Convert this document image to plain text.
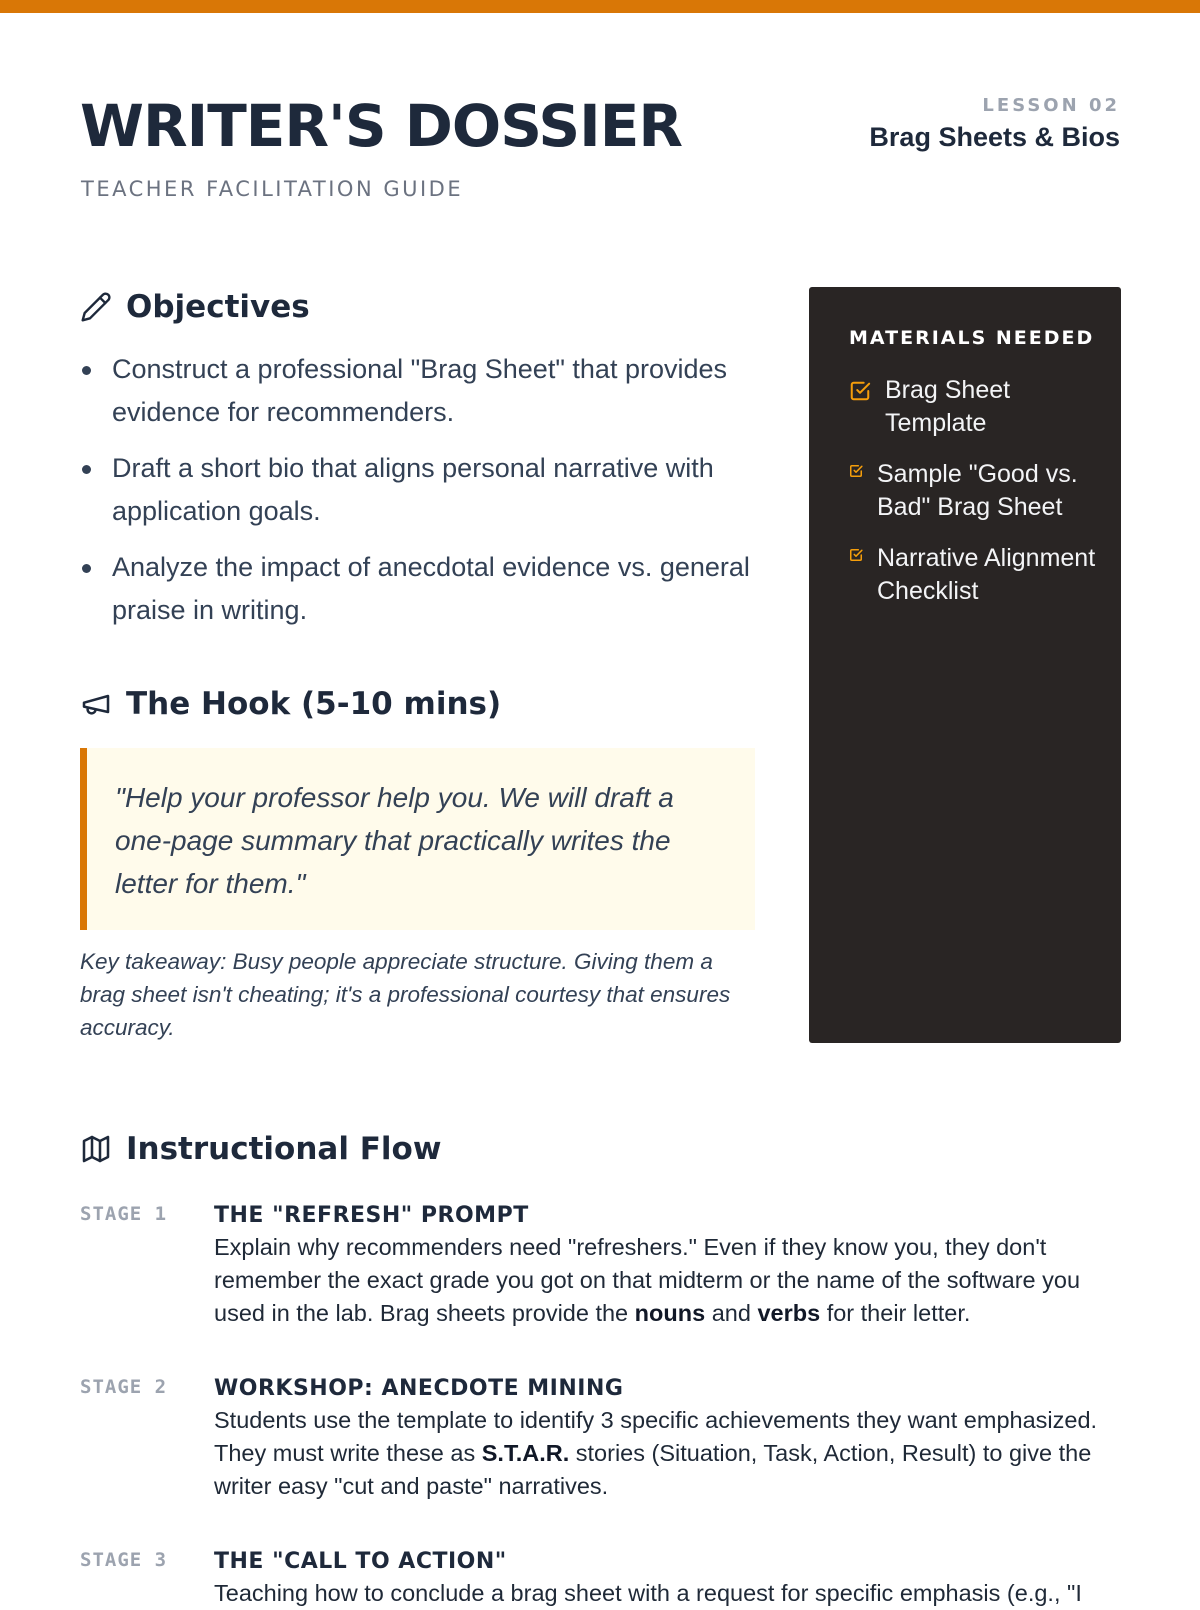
WRITER'S DOSSIER
TEACHER FACILITATION GUIDE
LESSON 02
Brag Sheets & Bios
Objectives
Construct a professional "Brag Sheet" that provides evidence for recommenders.
Draft a short bio that aligns personal narrative with application goals.
Analyze the impact of anecdotal evidence vs. general praise in writing.
The Hook (5-10 mins)

"Help your professor help you. We will draft a one-page summary that practically writes the letter for them."

Key takeaway: Busy people appreciate structure. Giving them a brag sheet isn't cheating; it's a professional courtesy that ensures accuracy.
MATERIALS NEEDED
Brag Sheet Template
Sample "Good vs. Bad" Brag Sheet
Narrative Alignment Checklist
Instructional Flow
STAGE 1 THE "REFRESH" PROMPT
Explain why recommenders need "refreshers." Even if they know you, they don't remember the exact grade you got on that midterm or the name of the software you used in the lab. Brag sheets provide the nouns and verbs for their letter.
STAGE 2 WORKSHOP: ANECDOTE MINING
Students use the template to identify 3 specific achievements they want emphasized. They must write these as S.T.A.R. stories (Situation, Task, Action, Result) to give the writer easy "cut and paste" narratives.
STAGE 3 THE "CALL TO ACTION"
Teaching how to conclude a brag sheet with a request for specific emphasis (e.g., "I
